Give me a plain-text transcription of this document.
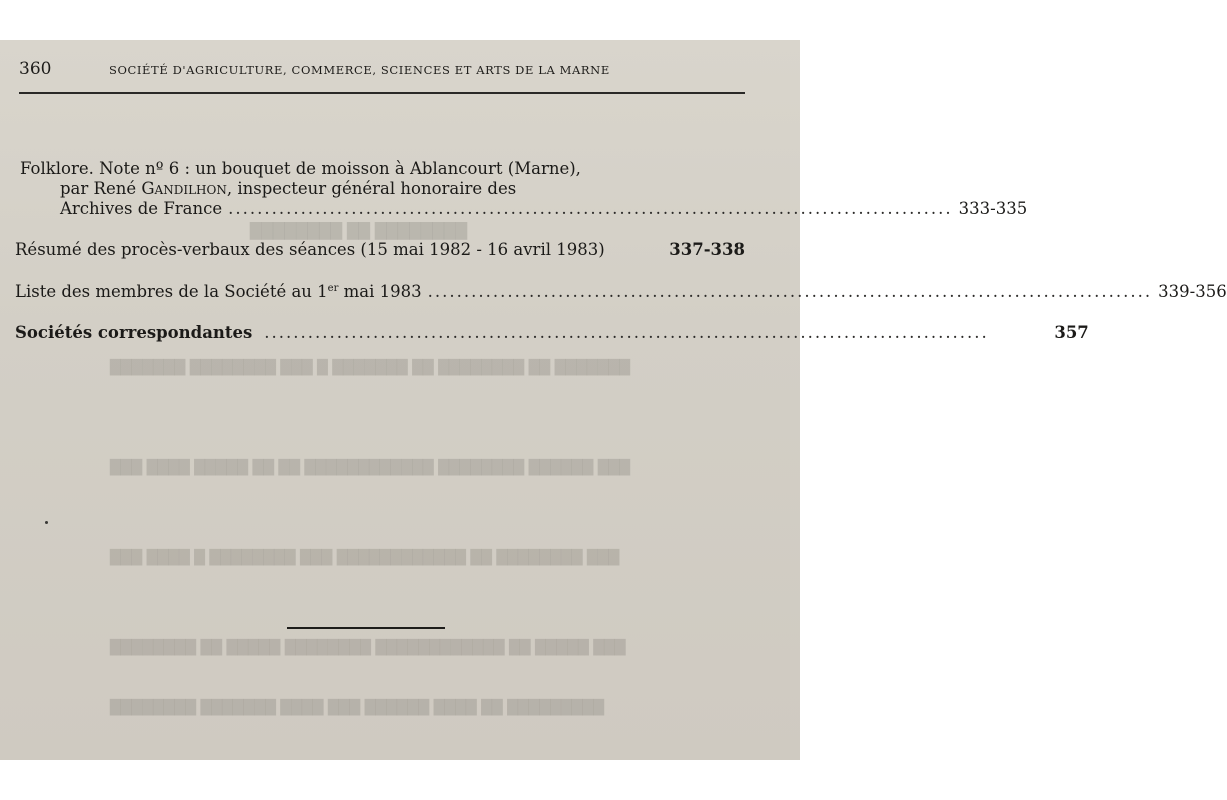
████████ ██ ████████
███████ ██ ████████ ██ ███████ █ ███ ████████ ███████
███ ██████ ████████ ████████████ ██ ██ █████ ████ ███
███ ████████ ██ ████████████ ███ ████████ █ ████ ███
███ █████ ██ ████████████ ████████ █████ ██ ████████
█████████ ██ ████ ██████ ███ ████ ███████ ████████
360	SOCIÉTÉ D'AGRICULTURE, COMMERCE, SCIENCES ET ARTS DE LA MARNE
Folklore. Note nº 6 : un bouquet de moisson à Ablancourt (Marne),
par René Gandilhon, inspecteur général honoraire des
Archives de France .................................................................................................... 333-335
Résumé des procès-verbaux des séances (15 mai 1982 - 16 avril 1983)	337-338
Liste des membres de la Société au 1er mai 1983 .................................................................................................... 339-356
Sociétés correspondantes ....................................................................................................	357
